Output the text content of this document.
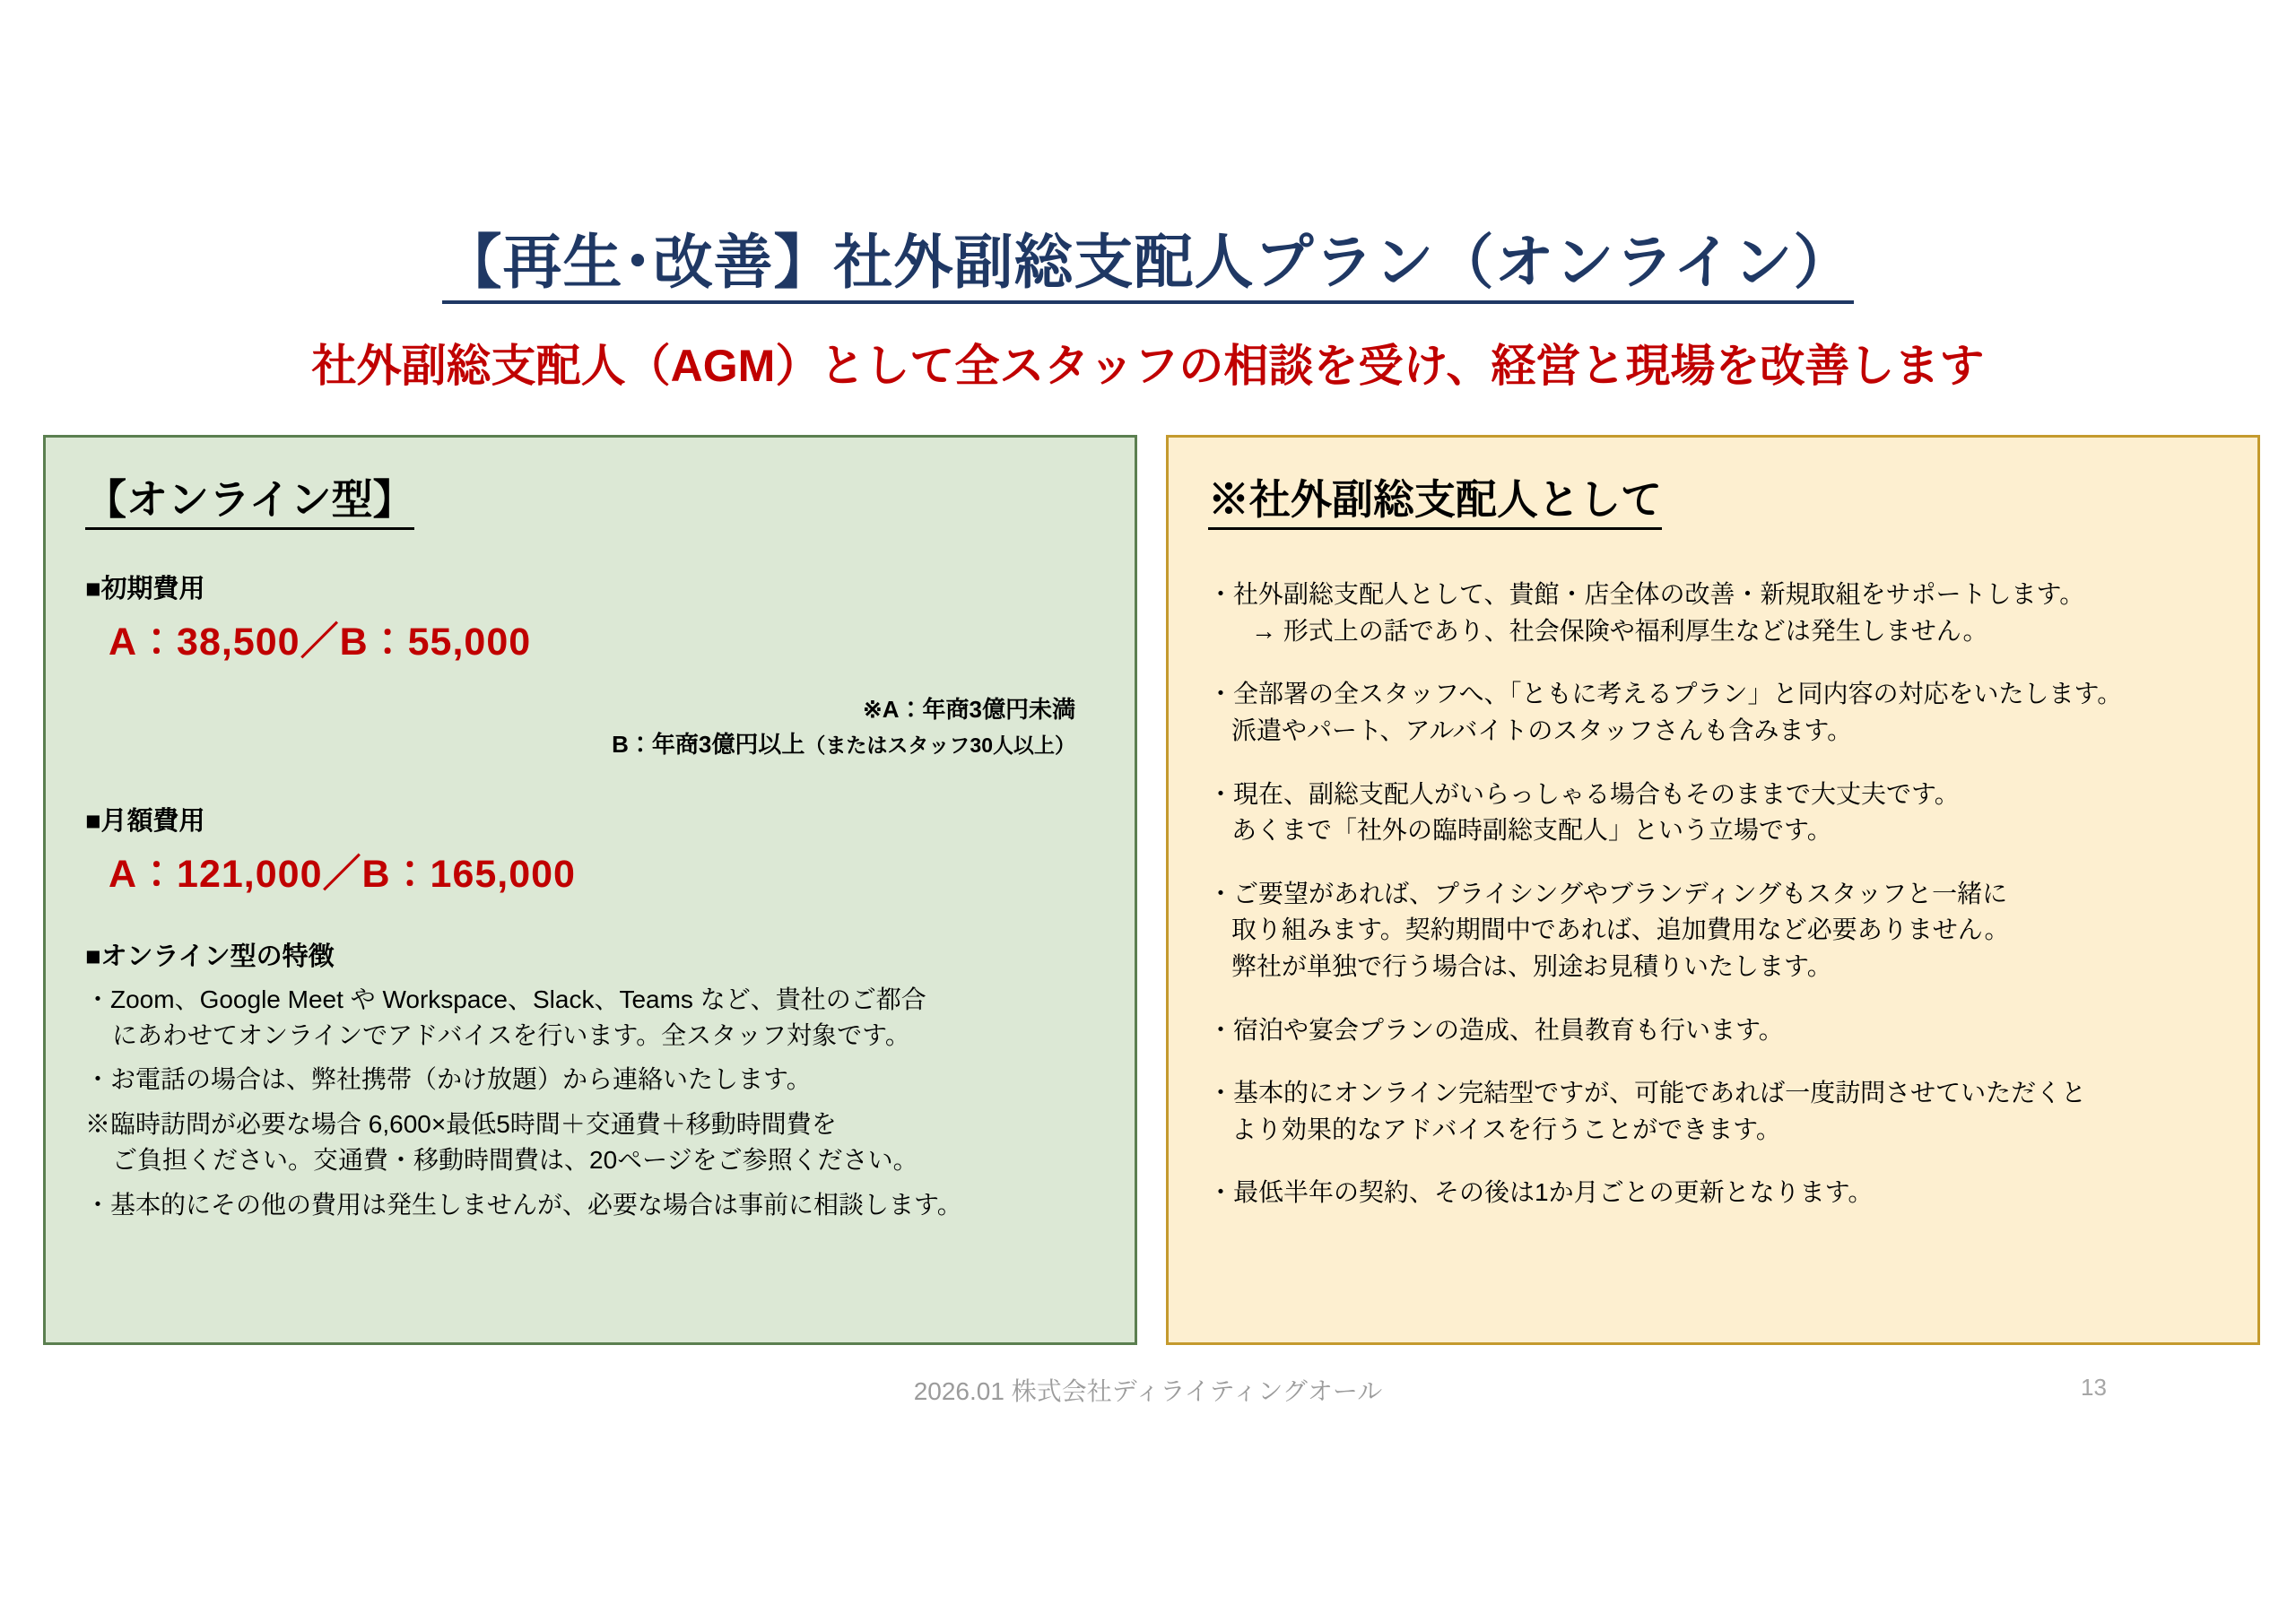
【再生･改善】社外副総支配人プラン（オンライン）
社外副総支配人（AGM）として全スタッフの相談を受け、経営と現場を改善します
【オンライン型】
■初期費用
A：38,500／B：55,000
※A：年商3億円未満
B：年商3億円以上（またはスタッフ30人以上）
■月額費用
A：121,000／B：165,000
■オンライン型の特徴
・Zoom、Google Meet や Workspace、Slack、Teams など、貴社のご都合
にあわせてオンラインでアドバイスを行います。全スタッフ対象です。
・お電話の場合は、弊社携帯（かけ放題）から連絡いたします。
※臨時訪問が必要な場合 6,600×最低5時間＋交通費＋移動時間費を
ご負担ください。交通費・移動時間費は、20ページをご参照ください。
・基本的にその他の費用は発生しませんが、必要な場合は事前に相談します。
※社外副総支配人として
・社外副総支配人として、貴館・店全体の改善・新規取組をサポートします。
→ 形式上の話であり、社会保険や福利厚生などは発生しません。
・全部署の全スタッフへ、「ともに考えるプラン」と同内容の対応をいたします。
派遣やパート、アルバイトのスタッフさんも含みます。
・現在、副総支配人がいらっしゃる場合もそのままで大丈夫です。
あくまで「社外の臨時副総支配人」という立場です。
・ご要望があれば、プライシングやブランディングもスタッフと一緒に
取り組みます。契約期間中であれば、追加費用など必要ありません。
弊社が単独で行う場合は、別途お見積りいたします。
・宿泊や宴会プランの造成、社員教育も行います。
・基本的にオンライン完結型ですが、可能であれば一度訪問させていただくと
より効果的なアドバイスを行うことができます。
・最低半年の契約、その後は1か月ごとの更新となります。
2026.01 株式会社ディライティングオール	13
